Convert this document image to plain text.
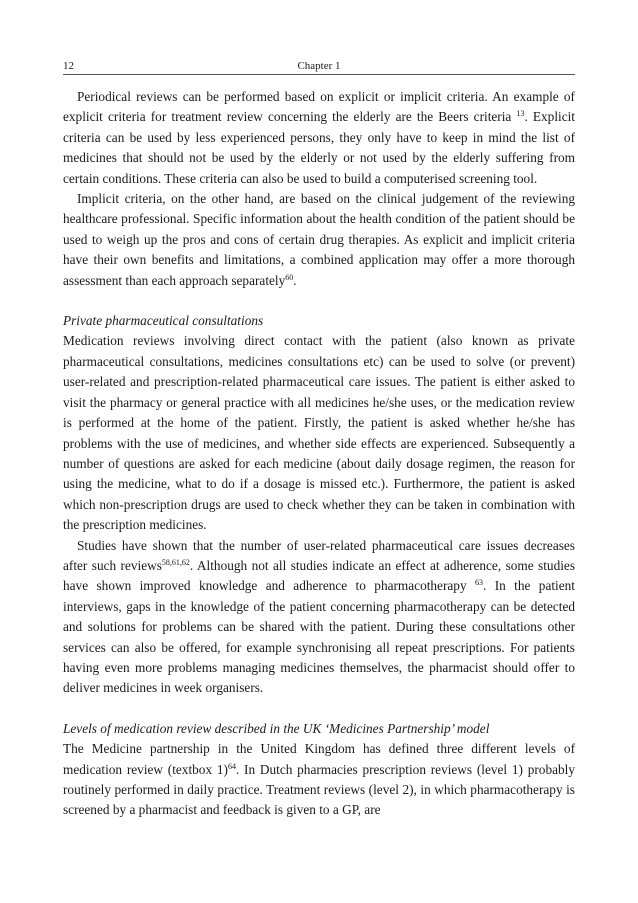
12	Chapter 1

Periodical reviews can be performed based on explicit or implicit criteria. An example of explicit criteria for treatment review concerning the elderly are the Beers criteria $^{13}$. Explicit criteria can be used by less experienced persons, they only have to keep in mind the list of medicines that should not be used by the elderly or not used by the elderly suffering from certain conditions. These criteria can also be used to build a computerised screening tool.

Implicit criteria, on the other hand, are based on the clinical judgement of the reviewing healthcare professional. Specific information about the health condition of the patient should be used to weigh up the pros and cons of certain drug therapies. As explicit and implicit criteria have their own benefits and limitations, a combined application may offer a more thorough assessment than each approach separately$^{60}$.

Private pharmaceutical consultations

Medication reviews involving direct contact with the patient (also known as private pharmaceutical consultations, medicines consultations etc) can be used to solve (or prevent) user-related and prescription-related pharmaceutical care issues. The patient is either asked to visit the pharmacy or general practice with all medicines he/she uses, or the medication review is performed at the home of the patient. Firstly, the patient is asked whether he/she has problems with the use of medicines, and whether side effects are experienced. Subsequently a number of questions are asked for each medicine (about daily dosage regimen, the reason for using the medicine, what to do if a dosage is missed etc.). Furthermore, the patient is asked which non-prescription drugs are used to check whether they can be taken in combination with the prescription medicines.

Studies have shown that the number of user-related pharmaceutical care issues decreases after such reviews$^{58,61,62}$. Although not all studies indicate an effect at adherence, some studies have shown improved knowledge and adherence to pharmacotherapy $^{63}$. In the patient interviews, gaps in the knowledge of the patient concerning pharmacotherapy can be detected and solutions for problems can be shared with the patient. During these consultations other services can also be offered, for example synchronising all repeat prescriptions. For patients having even more problems managing medicines themselves, the pharmacist should offer to deliver medicines in week organisers.

Levels of medication review described in the UK ‘Medicines Partnership’ model

The Medicine partnership in the United Kingdom has defined three different levels of medication review (textbox 1)$^{64}$. In Dutch pharmacies prescription reviews (level 1) probably routinely performed in daily practice. Treatment reviews (level 2), in which pharmacotherapy is screened by a pharmacist and feedback is given to a GP, are
